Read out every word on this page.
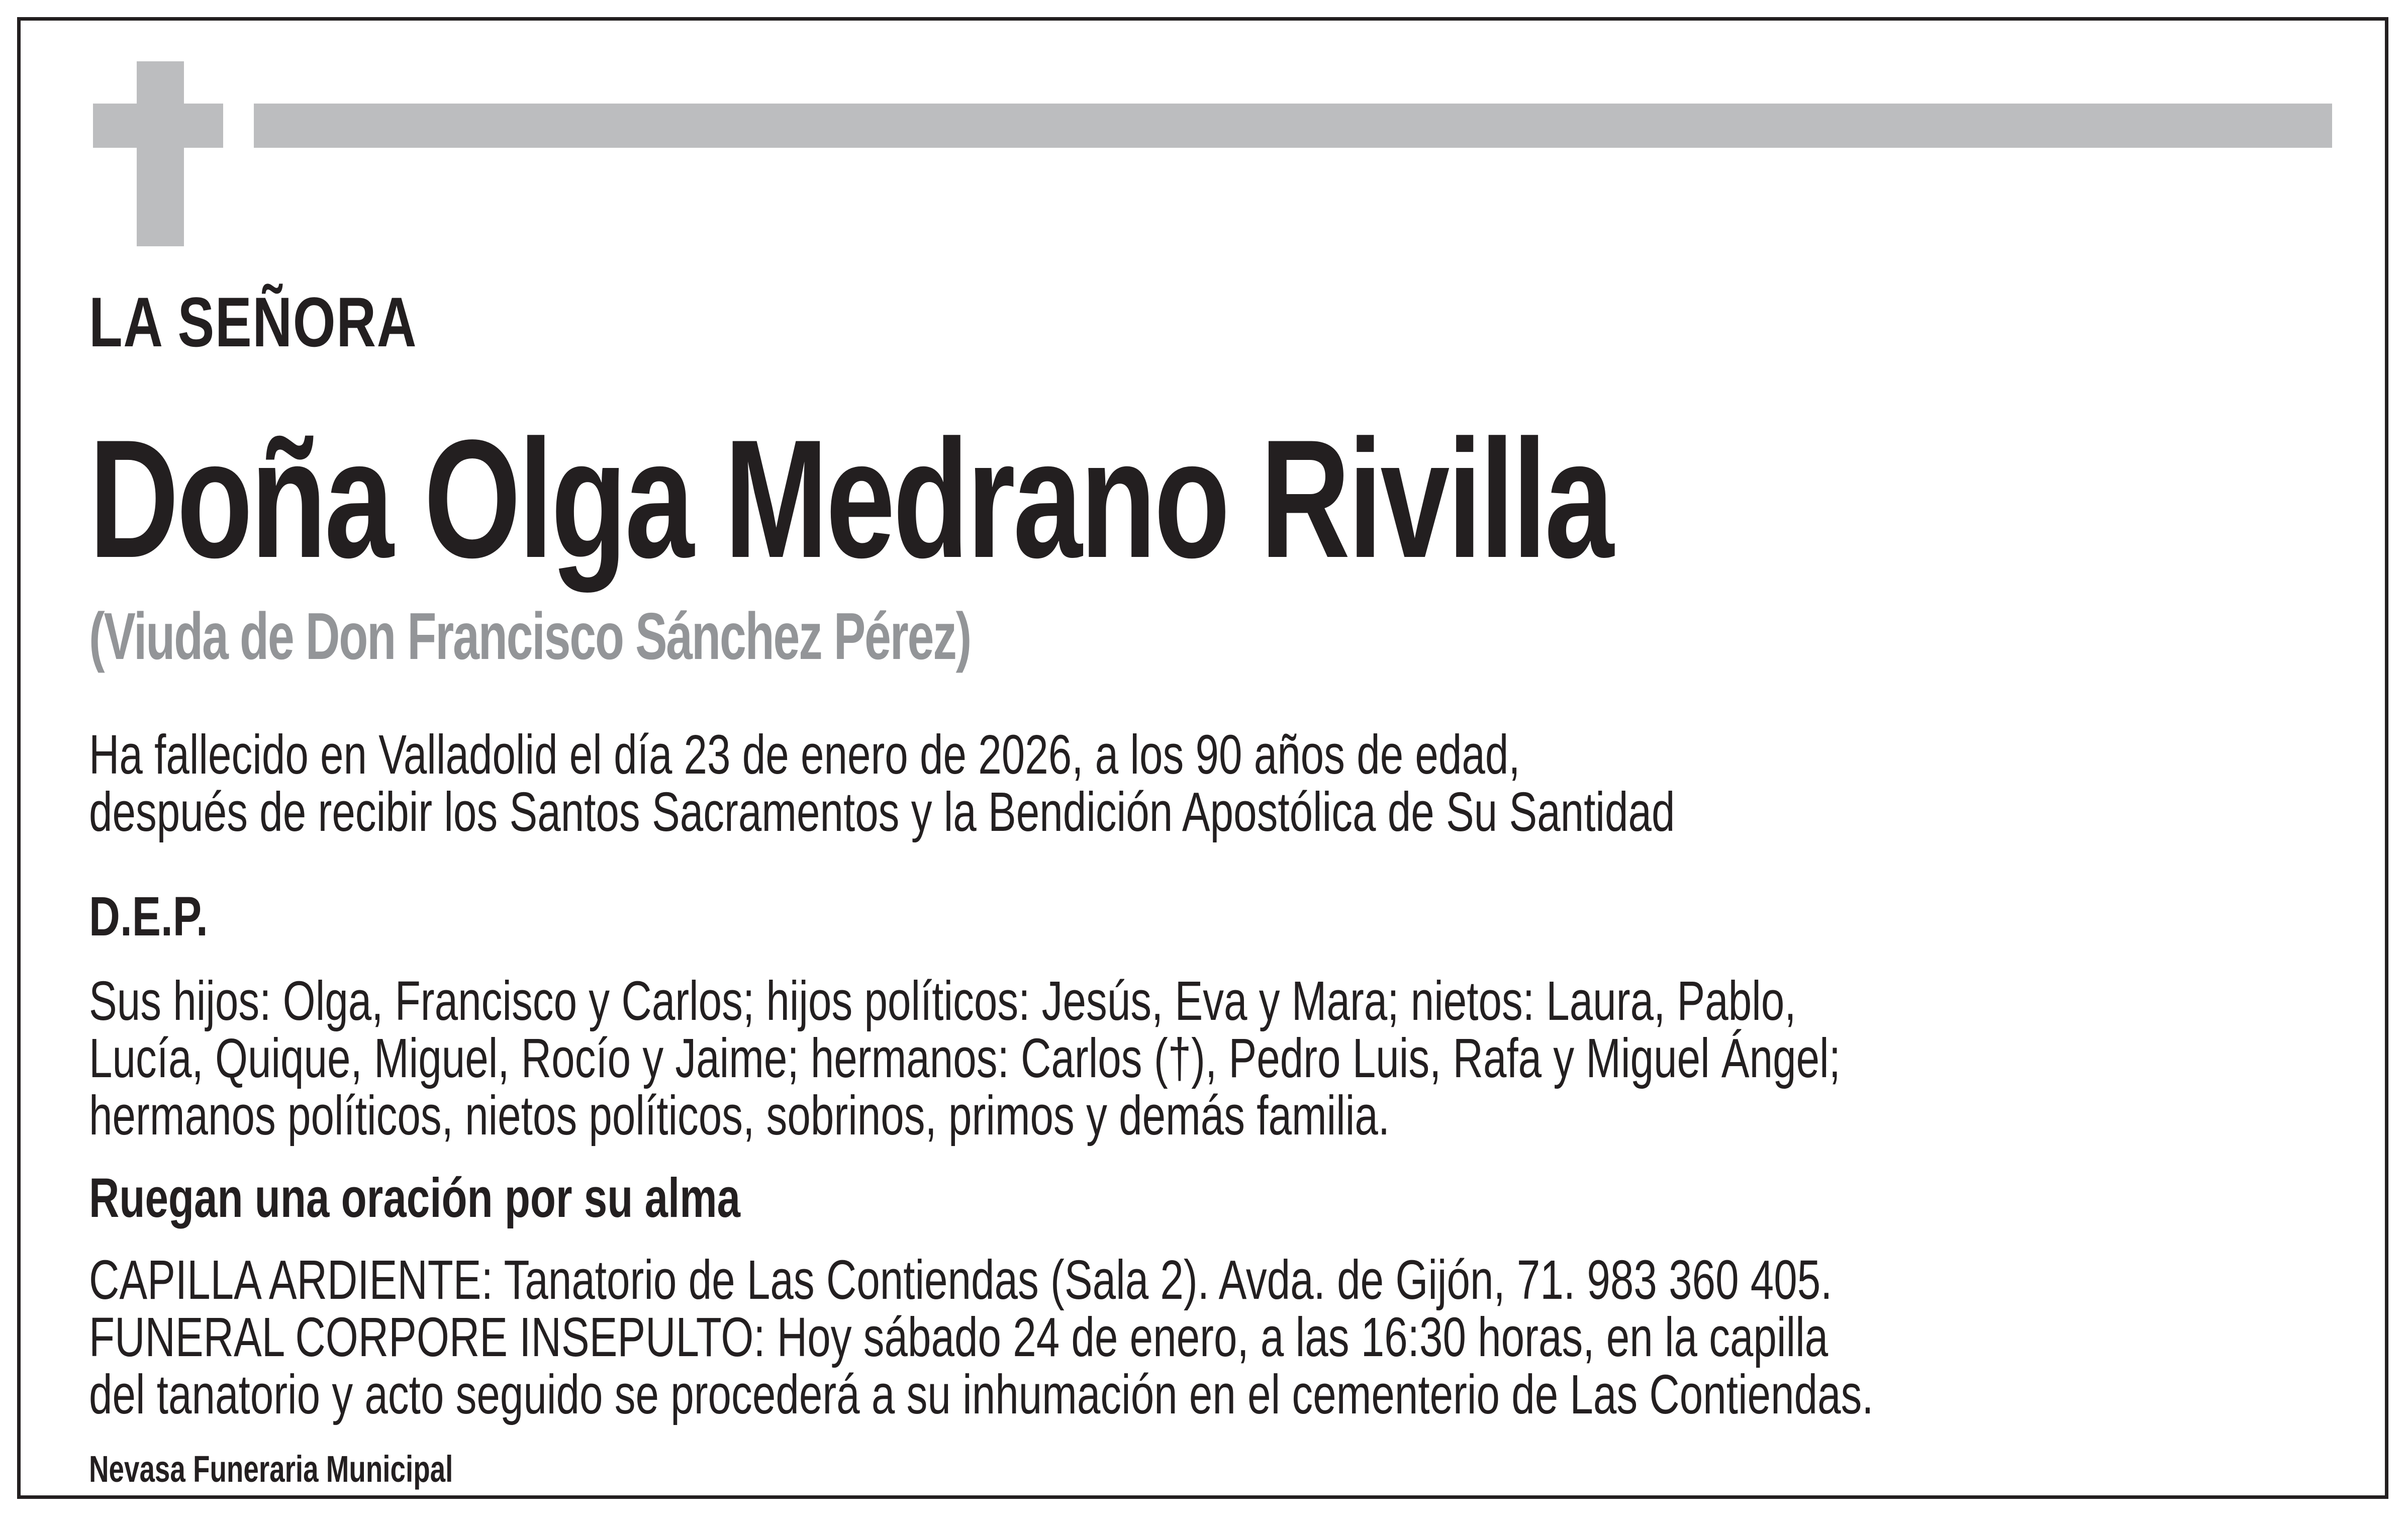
LA SEÑORA
Doña Olga Medrano Rivilla
(Viuda de Don Francisco Sánchez Pérez)
Ha fallecido en Valladolid el día 23 de enero de 2026, a los 90 años de edad,
después de recibir los Santos Sacramentos y la Bendición Apostólica de Su Santidad
D.E.P.
Sus hijos: Olga, Francisco y Carlos; hijos políticos: Jesús, Eva y Mara; nietos: Laura, Pablo,
Lucía, Quique, Miguel, Rocío y Jaime; hermanos: Carlos (†), Pedro Luis, Rafa y Miguel Ángel;
hermanos políticos, nietos políticos, sobrinos, primos y demás familia.
Ruegan una oración por su alma
CAPILLA ARDIENTE: Tanatorio de Las Contiendas (Sala 2). Avda. de Gijón, 71. 983 360 405.
FUNERAL CORPORE INSEPULTO: Hoy sábado 24 de enero, a las 16:30 horas, en la capilla
del tanatorio y acto seguido se procederá a su inhumación en el cementerio de Las Contiendas.
Nevasa Funeraria Municipal
